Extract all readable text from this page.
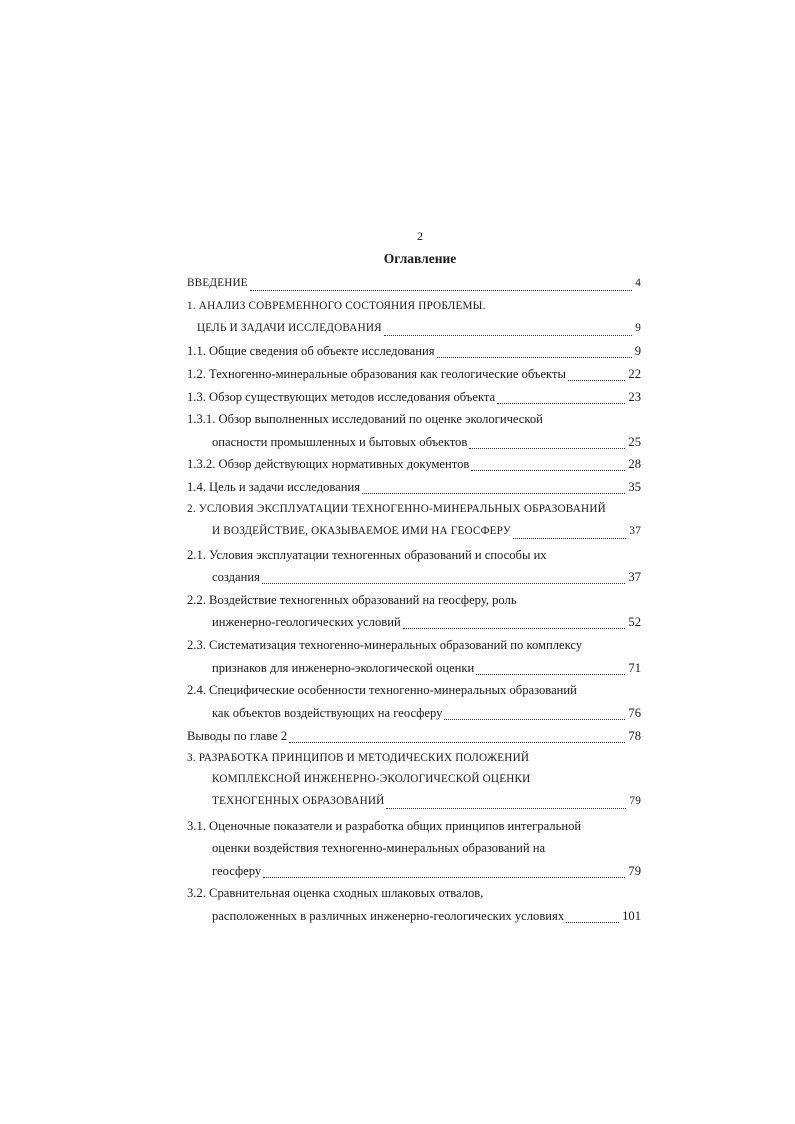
2
Оглавление
ВВЕДЕНИЕ	4
1. АНАЛИЗ СОВРЕМЕННОГО СОСТОЯНИЯ ПРОБЛЕМЫ.
ЦЕЛЬ И ЗАДАЧИ ИССЛЕДОВАНИЯ	9
1.1. Общие сведения об объекте исследования	9
1.2. Техногенно-минеральные образования как геологические объекты	22
1.3. Обзор существующих методов исследования объекта	23
1.3.1. Обзор выполненных исследований по оценке экологической
опасности промышленных и бытовых объектов	25
1.3.2. Обзор действующих нормативных документов	28
1.4. Цель и задачи исследования	35
2. УСЛОВИЯ ЭКСПЛУАТАЦИИ ТЕХНОГЕННО-МИНЕРАЛЬНЫХ ОБРАЗОВАНИЙ
И ВОЗДЕЙСТВИЕ, ОКАЗЫВАЕМОЕ ИМИ НА ГЕОСФЕРУ	37
2.1. Условия эксплуатации техногенных образований и способы их
создания	37
2.2. Воздействие техногенных образований на геосферу, роль
инженерно-геологических условий	52
2.3. Систематизация техногенно-минеральных образований по комплексу
признаков для инженерно-экологической оценки	71
2.4. Специфические особенности техногенно-минеральных образований
как объектов воздействующих на геосферу	76
Выводы по главе 2	78
3. РАЗРАБОТКА ПРИНЦИПОВ И МЕТОДИЧЕСКИХ ПОЛОЖЕНИЙ
КОМПЛЕКСНОЙ ИНЖЕНЕРНО-ЭКОЛОГИЧЕСКОЙ ОЦЕНКИ
ТЕХНОГЕННЫХ ОБРАЗОВАНИЙ	79
3.1. Оценочные показатели и разработка общих принципов интегральной
оценки воздействия техногенно-минеральных образований на
геосферу	79
3.2. Сравнительная оценка сходных шлаковых отвалов,
расположенных в различных инженерно-геологических условиях	101
